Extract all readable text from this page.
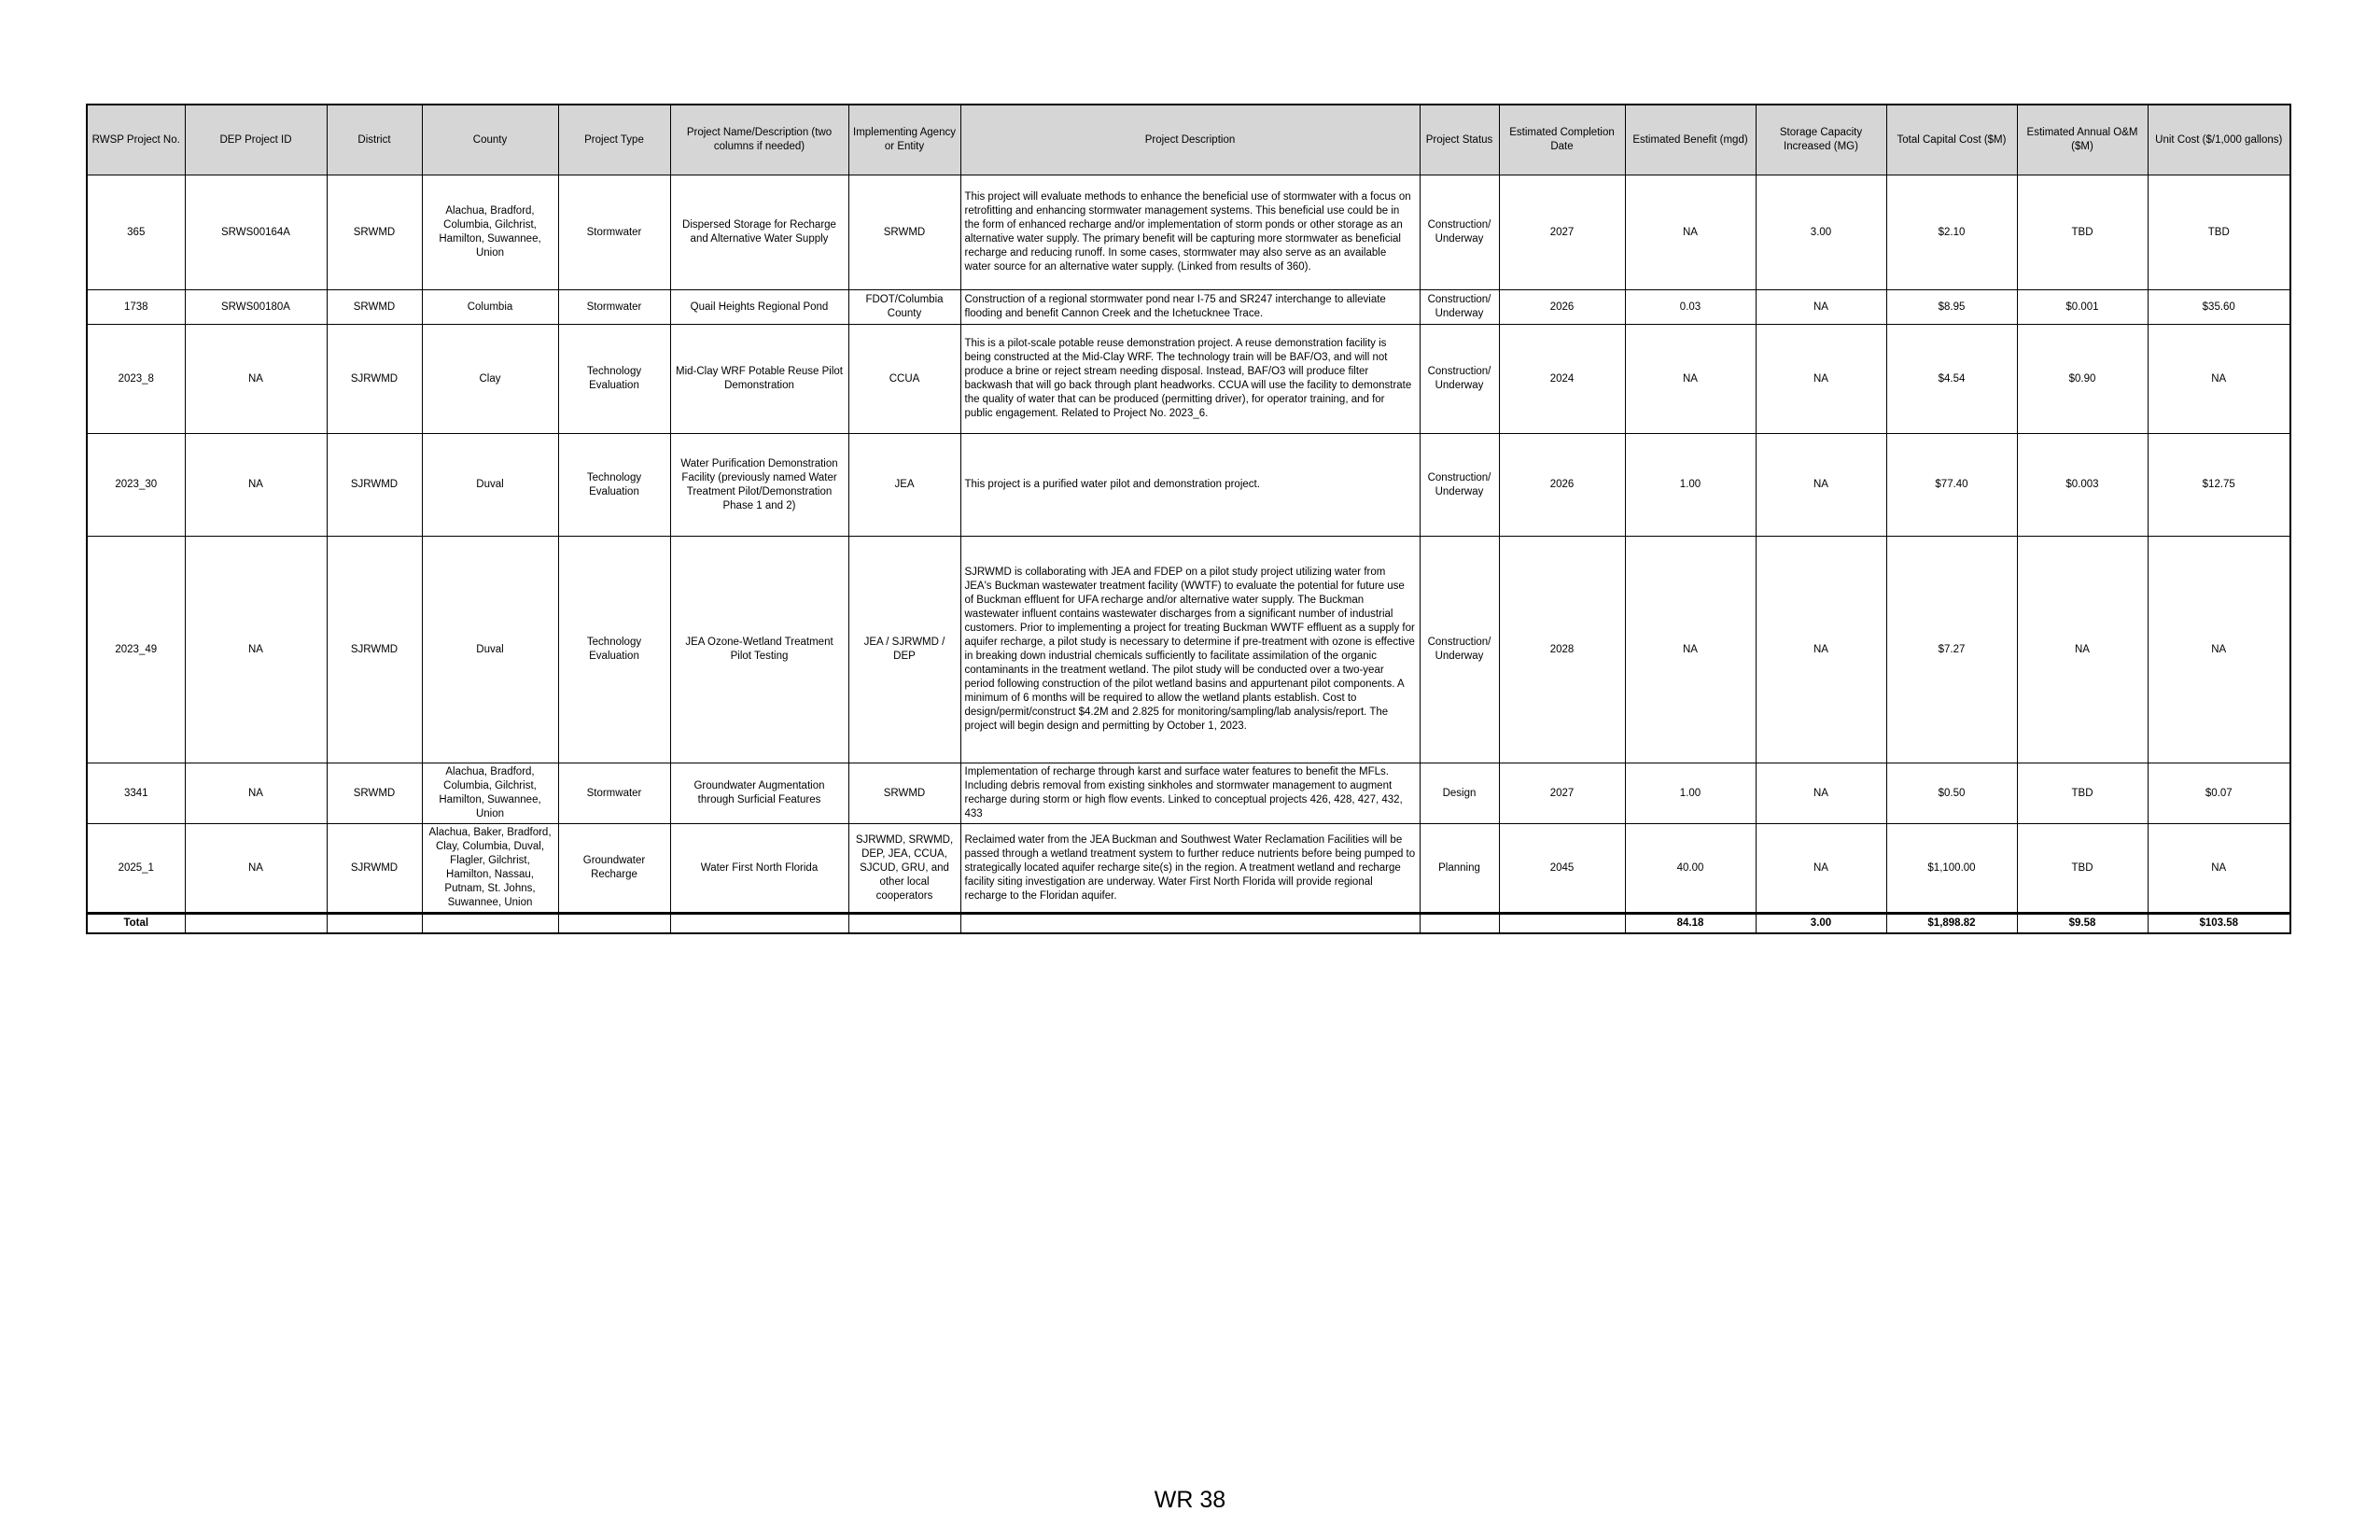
RWSP Project No.	DEP Project ID	District	County	Project Type	Project Name/Description (two columns if needed)	Implementing Agency or Entity	Project Description	Project Status	Estimated Completion Date	Estimated Benefit (mgd)	Storage Capacity Increased (MG)	Total Capital Cost ($M)	Estimated Annual O&M ($M)	Unit Cost ($/1,000 gallons)
365	SRWS00164A	SRWMD	Alachua, Bradford, Columbia, Gilchrist, Hamilton, Suwannee, Union	Stormwater	Dispersed Storage for Recharge and Alternative Water Supply	SRWMD	This project will evaluate methods to enhance the beneficial use of stormwater with a focus on retrofitting and enhancing stormwater management systems. This beneficial use could be in the form of enhanced recharge and/or implementation of storm ponds or other storage as an alternative water supply. The primary benefit will be capturing more stormwater as beneficial recharge and reducing runoff. In some cases, stormwater may also serve as an available water source for an alternative water supply. (Linked from results of 360).	Construction/Underway	2027	NA	3.00	$2.10	TBD	TBD
1738	SRWS00180A	SRWMD	Columbia	Stormwater	Quail Heights Regional Pond	FDOT/Columbia County	Construction of a regional stormwater pond near I-75 and SR247 interchange to alleviate flooding and benefit Cannon Creek and the Ichetucknee Trace.	Construction/Underway	2026	0.03	NA	$8.95	$0.001	$35.60
2023_8	NA	SJRWMD	Clay	Technology Evaluation	Mid-Clay WRF Potable Reuse Pilot Demonstration	CCUA	This is a pilot-scale potable reuse demonstration project. A reuse demonstration facility is being constructed at the Mid-Clay WRF. The technology train will be BAF/O3, and will not produce a brine or reject stream needing disposal. Instead, BAF/O3 will produce filter backwash that will go back through plant headworks. CCUA will use the facility to demonstrate the quality of water that can be produced (permitting driver), for operator training, and for public engagement. Related to Project No. 2023_6.	Construction/Underway	2024	NA	NA	$4.54	$0.90	NA
2023_30	NA	SJRWMD	Duval	Technology Evaluation	Water Purification Demonstration Facility (previously named Water Treatment Pilot/Demonstration Phase 1 and 2)	JEA	This project is a purified water pilot and demonstration project.	Construction/Underway	2026	1.00	NA	$77.40	$0.003	$12.75
2023_49	NA	SJRWMD	Duval	Technology Evaluation	JEA Ozone-Wetland Treatment Pilot Testing	JEA / SJRWMD / DEP	SJRWMD is collaborating with JEA and FDEP on a pilot study project utilizing water from JEA's Buckman wastewater treatment facility (WWTF) to evaluate the potential for future use of Buckman effluent for UFA recharge and/or alternative water supply. The Buckman wastewater influent contains wastewater discharges from a significant number of industrial customers. Prior to implementing a project for treating Buckman WWTF effluent as a supply for aquifer recharge, a pilot study is necessary to determine if pre-treatment with ozone is effective in breaking down industrial chemicals sufficiently to facilitate assimilation of the organic contaminants in the treatment wetland. The pilot study will be conducted over a two-year period following construction of the pilot wetland basins and appurtenant pilot components. A minimum of 6 months will be required to allow the wetland plants establish. Cost to design/permit/construct $4.2M and 2.825 for monitoring/sampling/lab analysis/report. The project will begin design and permitting by October 1, 2023.	Construction/Underway	2028	NA	NA	$7.27	NA	NA
3341	NA	SRWMD	Alachua, Bradford, Columbia, Gilchrist, Hamilton, Suwannee, Union	Stormwater	Groundwater Augmentation through Surficial Features	SRWMD	Implementation of recharge through karst and surface water features to benefit the MFLs. Including debris removal from existing sinkholes and stormwater management to augment recharge during storm or high flow events. Linked to conceptual projects 426, 428, 427, 432, 433	Design	2027	1.00	NA	$0.50	TBD	$0.07
2025_1	NA	SJRWMD	Alachua, Baker, Bradford, Clay, Columbia, Duval, Flagler, Gilchrist, Hamilton, Nassau, Putnam, St. Johns, Suwannee, Union	Groundwater Recharge	Water First North Florida	SJRWMD, SRWMD, DEP, JEA, CCUA, SJCUD, GRU, and other local cooperators	Reclaimed water from the JEA Buckman and Southwest Water Reclamation Facilities will be passed through a wetland treatment system to further reduce nutrients before being pumped to strategically located aquifer recharge site(s) in the region. A treatment wetland and recharge facility siting investigation are underway. Water First North Florida will provide regional recharge to the Floridan aquifer.	Planning	2045	40.00	NA	$1,100.00	TBD	NA
Total										84.18	3.00	$1,898.82	$9.58	$103.58
WR 38
